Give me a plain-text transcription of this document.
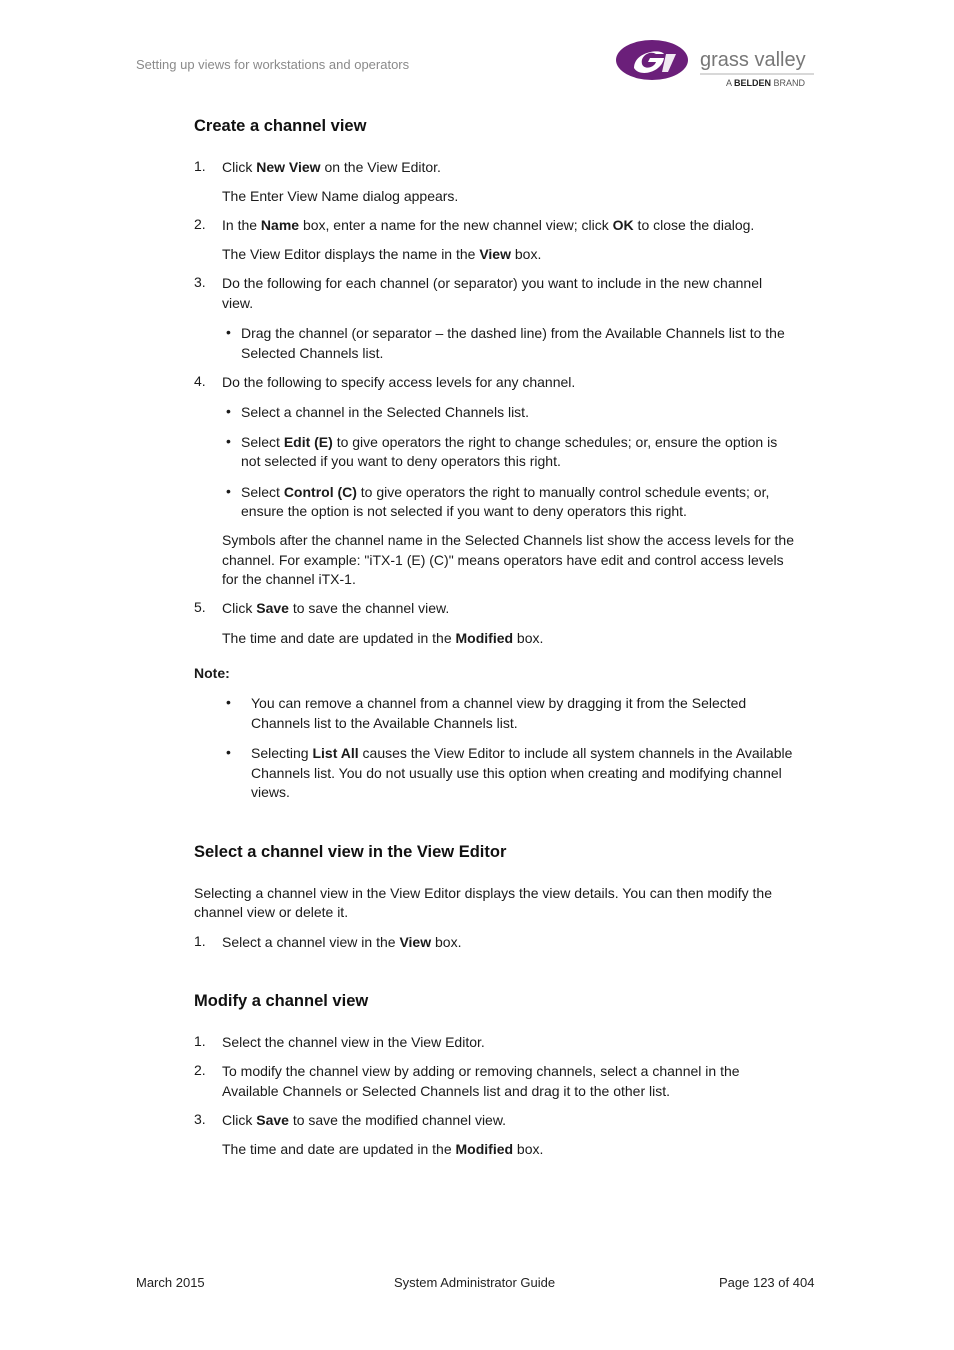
Setting up views for workstations and operators	grass valley
A BELDEN BRAND
Create a channel view
1. Click New View on the View Editor.
The Enter View Name dialog appears.
2. In the Name box, enter a name for the new channel view; click OK to close the dialog.
The View Editor displays the name in the View box.
3. Do the following for each channel (or separator) you want to include in the new channel
view.
• Drag the channel (or separator – the dashed line) from the Available Channels list to the
Selected Channels list.
4. Do the following to specify access levels for any channel.
• Select a channel in the Selected Channels list.
• Select Edit (E) to give operators the right to change schedules; or, ensure the option is
not selected if you want to deny operators this right.
• Select Control (C) to give operators the right to manually control schedule events; or,
ensure the option is not selected if you want to deny operators this right.
Symbols after the channel name in the Selected Channels list show the access levels for the
channel. For example: "iTX-1 (E) (C)" means operators have edit and control access levels
for the channel iTX-1.
5. Click Save to save the channel view.
The time and date are updated in the Modified box.
Note:
• You can remove a channel from a channel view by dragging it from the Selected
Channels list to the Available Channels list.
• Selecting List All causes the View Editor to include all system channels in the Available
Channels list. You do not usually use this option when creating and modifying channel
views.
Select a channel view in the View Editor
Selecting a channel view in the View Editor displays the view details. You can then modify the
channel view or delete it.
1. Select a channel view in the View box.
Modify a channel view
1. Select the channel view in the View Editor.
2. To modify the channel view by adding or removing channels, select a channel in the
Available Channels or Selected Channels list and drag it to the other list.
3. Click Save to save the modified channel view.
The time and date are updated in the Modified box.
March 2015	System Administrator Guide	Page 123 of 404
